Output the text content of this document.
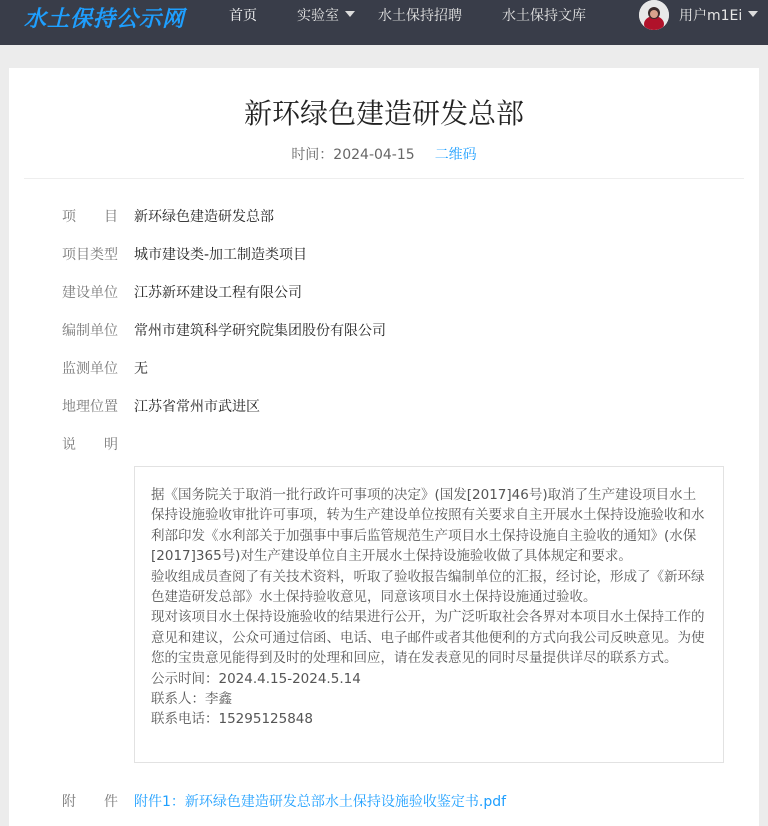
水土保持公示网	首页	实验室	水土保持招聘	水土保持文库	用户m1Ei
新环绿色建造研发总部
时间：2024-04-15 二维码
项　　目 新环绿色建造研发总部
项目类型 城市建设类-加工制造类项目
建设单位 江苏新环建设工程有限公司
编制单位 常州市建筑科学研究院集团股份有限公司
监测单位 无
地理位置 江苏省常州市武进区
说　　明

据《国务院关于取消一批行政许可事项的决定》(国发[2017]46号)取消了生产建设项目水土保持设施验收审批许可事项，转为生产建设单位按照有关要求自主开展水土保持设施验收和水利部印发《水利部关于加强事中事后监管规范生产项目水土保持设施自主验收的通知》(水保[2017]365号)对生产建设单位自主开展水土保持设施验收做了具体规定和要求。

验收组成员查阅了有关技术资料，听取了验收报告编制单位的汇报，经讨论，形成了《新环绿色建造研发总部》水土保持验收意见，同意该项目水土保持设施通过验收。

现对该项目水土保持设施验收的结果进行公开，为广泛听取社会各界对本项目水土保持工作的意见和建议，公众可通过信函、电话、电子邮件或者其他便利的方式向我公司反映意见。为使您的宝贵意见能得到及时的处理和回应，请在发表意见的同时尽量提供详尽的联系方式。

公示时间：2024.4.15-2024.5.14

联系人：李鑫

联系电话：15295125848

附　　件 附件1：新环绿色建造研发总部水土保持设施验收鉴定书.pdf
